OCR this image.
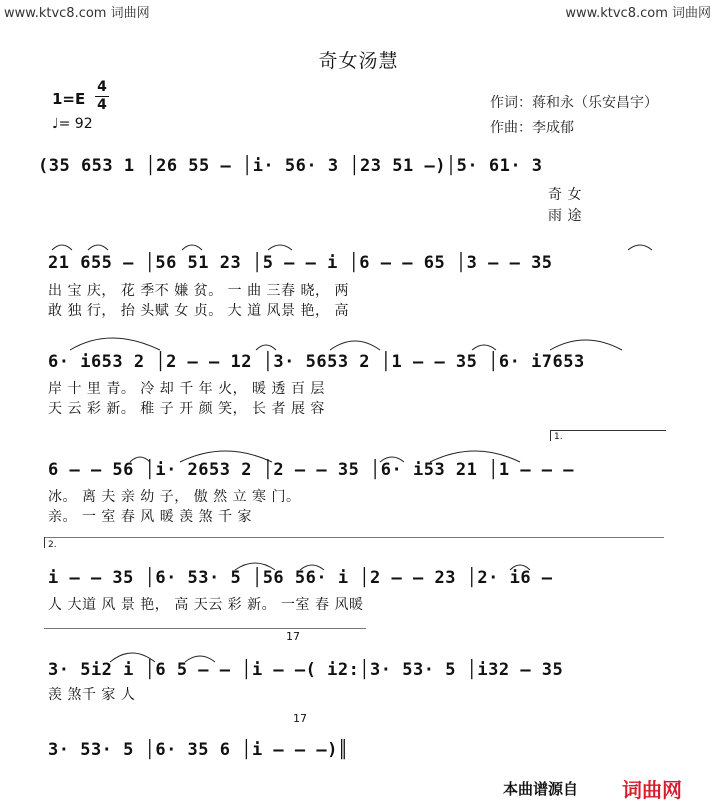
www.ktvc8.com 词曲网	www.ktvc8.com 词曲网
奇女汤慧
1=E
4
4
♩= 92
作词：蒋和永（乐安昌宇）
作曲：李成郁
1.
2.
17
17
(35 653 1 │26 55 – │i· 56· 3 │23 51 –)│5· 61· 3
奇 女
雨 途
21 655 – │56 51 23 │5 – – i │6 – – 65 │3 – – 35
出 宝 庆， 花 季不 嫌 贫。 一 曲 三春 晓， 两
敢 独 行， 抬 头赋 女 贞。 大 道 风景 艳， 高
6· i653 2 │2 – – 12 │3· 5653 2 │1 – – 35 │6· i7653
岸 十 里 青。 冷 却 千 年 火， 暖 透 百 层
天 云 彩 新。 稚 子 开 颜 笑， 长 者 展 容
6 – – 56 │i· 2653 2 │2 – – 35 │6· i53 21 │1 – – –
冰。 离 夫 亲 幼 子， 傲 然 立 寒 门。
亲。 一 室 春 风 暖 羡 煞 千 家
i – – 35 │6· 53· 5 │56 56· i │2 – – 23 │2· i6 –
人 大道 风 景 艳， 高 天云 彩 新。 一室 春 风暖
3· 5i2 i │6 5 – – │i – –( i2:│3· 53· 5 │i32 – 35
羡 煞千 家 人
3· 53· 5 │6· 35 6 │i – – –)║
本曲谱源自 词曲网
